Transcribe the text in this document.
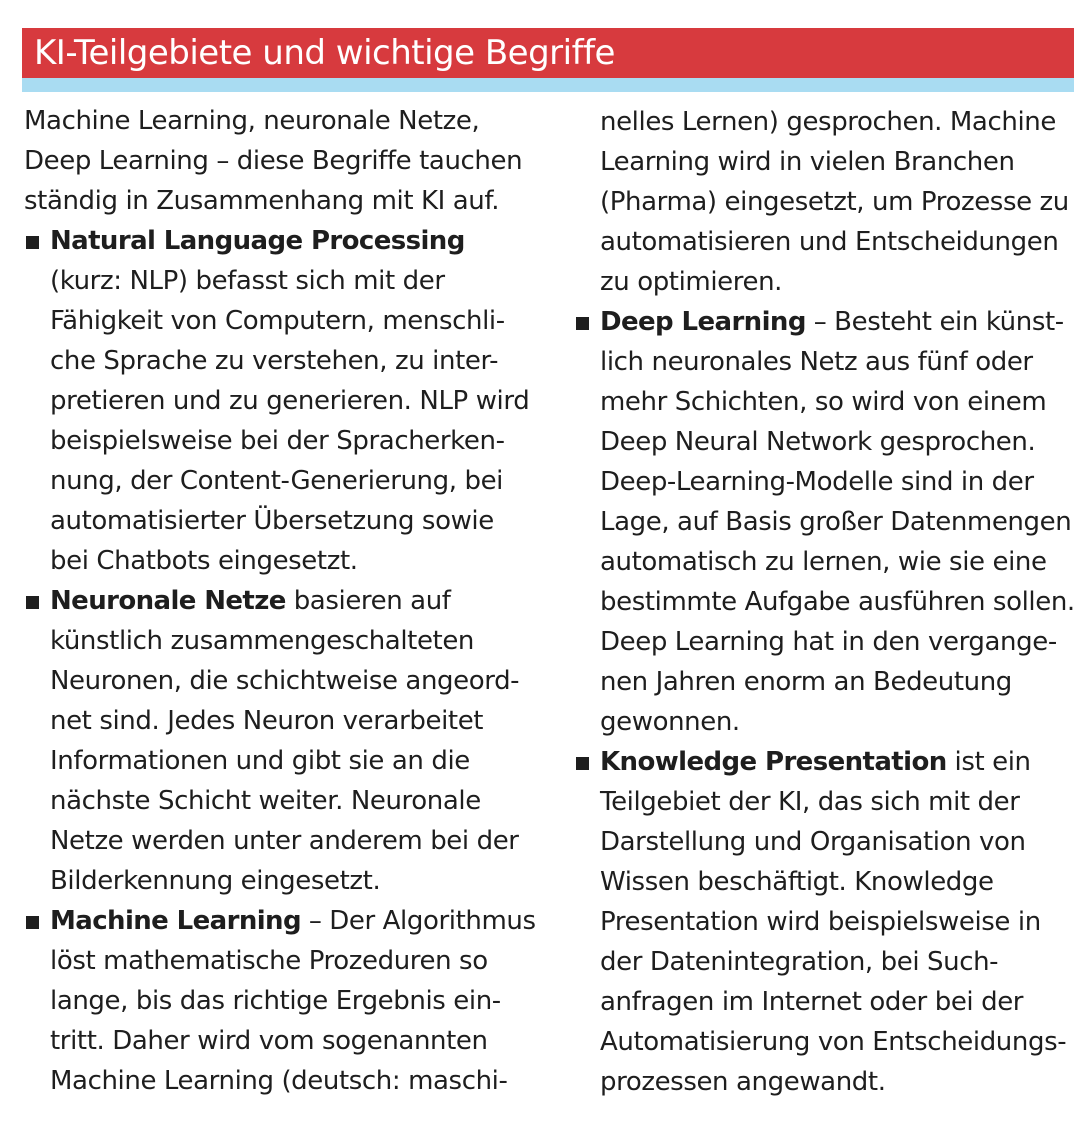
KI-Teilgebiete und wichtige Begriffe
Machine Learning, neuronale Netze,
Deep Learning – diese Begriffe tauchen
ständig in Zusammenhang mit KI auf.
Natural Language Processing
(kurz: NLP) befasst sich mit der
Fähigkeit von Computern, menschli-
che Sprache zu verstehen, zu inter-
pretieren und zu generieren. NLP wird
beispielsweise bei der Spracherken-
nung, der Content-Generierung, bei
automatisierter Übersetzung sowie
bei Chatbots eingesetzt.
Neuronale Netze basieren auf
künstlich zusammengeschalteten
Neuronen, die schichtweise angeord-
net sind. Jedes Neuron verarbeitet
Informationen und gibt sie an die
nächste Schicht weiter. Neuronale
Netze werden unter anderem bei der
Bilderkennung eingesetzt.
Machine Learning – Der Algorithmus
löst mathematische Prozeduren so
lange, bis das richtige Ergebnis ein-
tritt. Daher wird vom sogenannten
Machine Learning (deutsch: maschi-
nelles Lernen) gesprochen. Machine
Learning wird in vielen Branchen
(Pharma) eingesetzt, um Prozesse zu
automatisieren und Entscheidungen
zu optimieren.
Deep Learning – Besteht ein künst-
lich neuronales Netz aus fünf oder
mehr Schichten, so wird von einem
Deep Neural Network gesprochen.
Deep-Learning-Modelle sind in der
Lage, auf Basis großer Datenmengen
automatisch zu lernen, wie sie eine
bestimmte Aufgabe ausführen sollen.
Deep Learning hat in den vergange-
nen Jahren enorm an Bedeutung
gewonnen.
Knowledge Presentation ist ein
Teilgebiet der KI, das sich mit der
Darstellung und Organisation von
Wissen beschäftigt. Knowledge
Presentation wird beispielsweise in
der Datenintegration, bei Such-
anfragen im Internet oder bei der
Automatisierung von Entscheidungs-
prozessen angewandt.
